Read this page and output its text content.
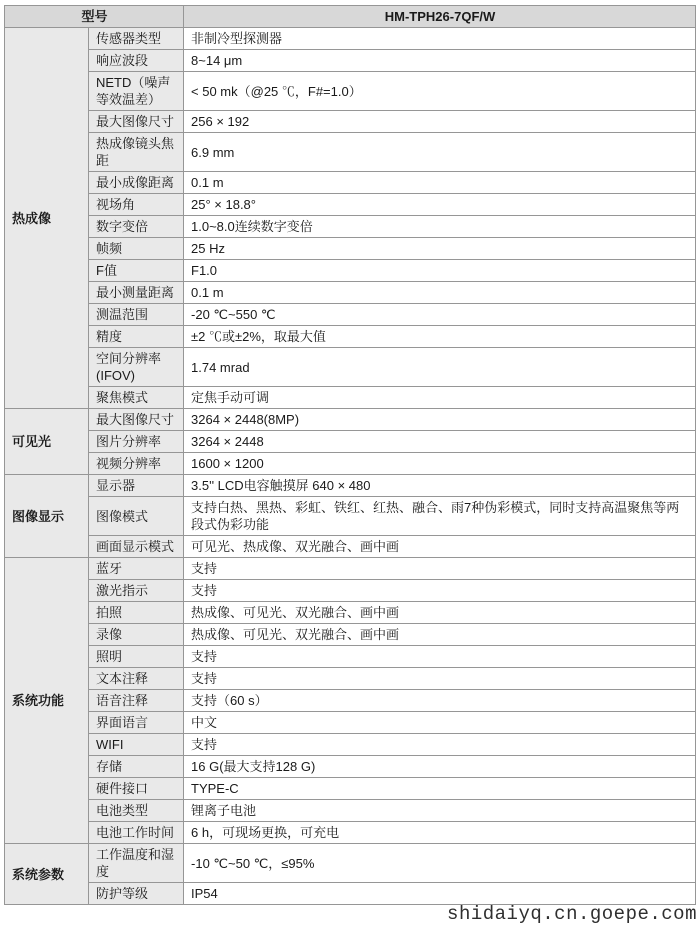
型号		HM-TPH26-7QF/W
热成像	传感器类型	非制冷型探测器
	响应波段	8~14 μm
	NETD（噪声等效温差）	< 50 mk（@25 ℃，F#=1.0）
	最大图像尺寸	256 × 192
	热成像镜头焦距	6.9 mm
	最小成像距离	0.1 m
	视场角	25° × 18.8°
	数字变倍	1.0~8.0连续数字变倍
	帧频	25 Hz
	F值	F1.0
	最小测量距离	0.1 m
	测温范围	-20 ℃~550 ℃
	精度	±2 ℃或±2%，取最大值
	空间分辨率(IFOV)	1.74 mrad
	聚焦模式	定焦手动可调
可见光	最大图像尺寸	3264 × 2448(8MP)
	图片分辨率	3264 × 2448
	视频分辨率	1600 × 1200
图像显示	显示器	3.5'' LCD电容触摸屏 640 × 480
	图像模式	支持白热、黑热、彩虹、铁红、红热、融合、雨7种伪彩模式，同时支持高温聚焦等两段式伪彩功能
	画面显示模式	可见光、热成像、双光融合、画中画
系统功能	蓝牙	支持
	激光指示	支持
	拍照	热成像、可见光、双光融合、画中画
	录像	热成像、可见光、双光融合、画中画
	照明	支持
	文本注释	支持
	语音注释	支持（60 s）
	界面语言	中文
	WIFI	支持
	存储	16 G(最大支持128 G)
	硬件接口	TYPE-C
	电池类型	锂离子电池
	电池工作时间	6 h，可现场更换，可充电
系统参数	工作温度和湿度	-10 ℃~50 ℃，≤95%
	防护等级	IP54
shidaiyq.cn.goepe.com
